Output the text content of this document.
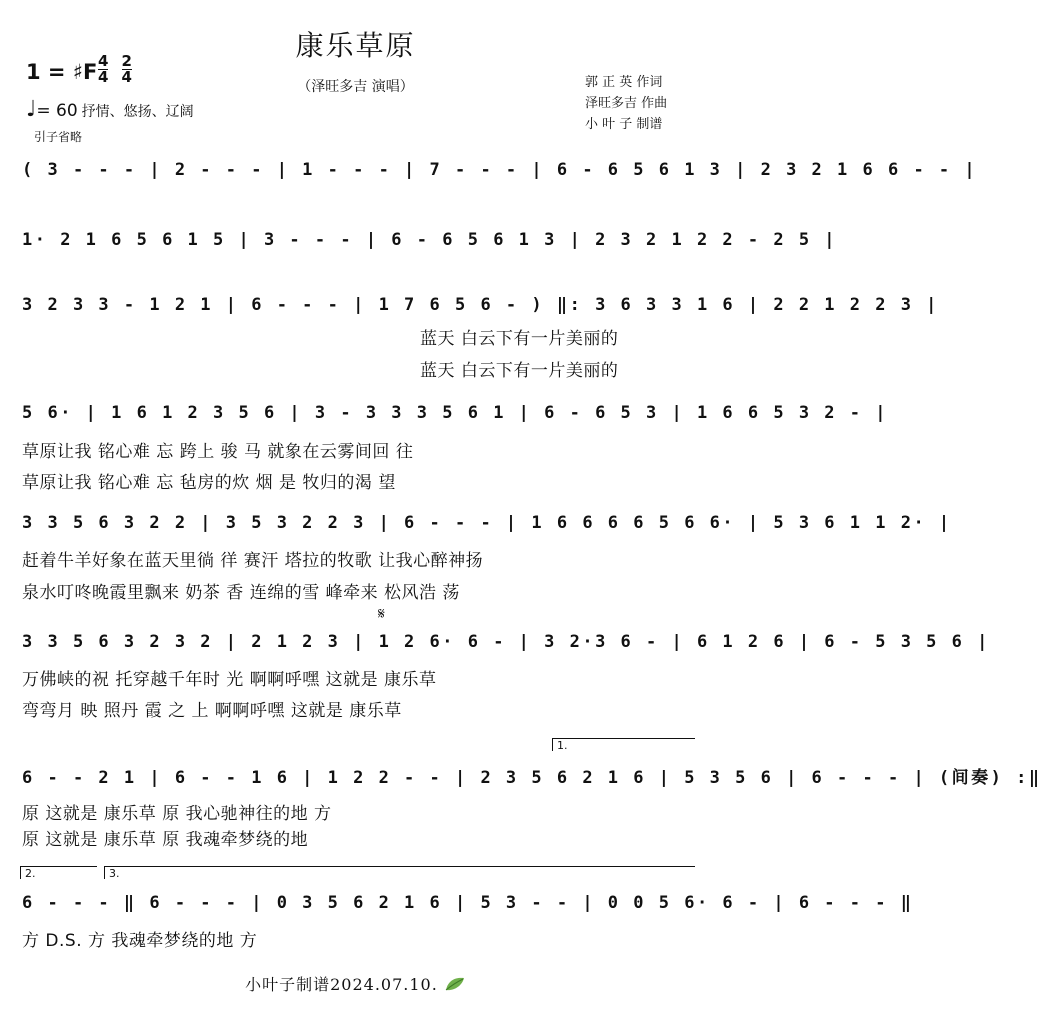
康乐草原
（泽旺多吉 演唱）
1 = ♯F $\frac{4}{4}$
$\frac{2}{4}$
♩= 60 抒情、悠扬、辽阔
郭 正 英 作词
泽旺多吉 作曲
小 叶 子 制谱
引子省略
( 3 - - - | 2 - - - | 1 - - - | 7 - - - | 6 - 6 5 6 1 3 | 2 3 2 1 6 6 - - |
1· 2 1 6 5 6 1 5 | 3 - - - | 6 - 6 5 6 1 3 | 2 3 2 1 2 2 - 2 5 |
3 2 3 3 - 1 2 1 | 6 - - - | 1 7 6 5 6 - ) ‖: 3 6 3 3 1 6 | 2 2 1 2 2 3 |
蓝天 白云下有一片美丽的
蓝天 白云下有一片美丽的
5 6· | 1 6 1 2 3 5 6 | 3 - 3 3 3 5 6 1 | 6 - 6 5 3 | 1 6 6 5 3 2 - |
草原让我 铭心难 忘 跨上 骏 马 就象在云雾间回 往
草原让我 铭心难 忘 毡房的炊 烟 是 牧归的渴 望
3 3 5 6 3 2 2 | 3 5 3 2 2 3 | 6 - - - | 1 6 6 6 6 5 6 6· | 5 3 6 1 1 2· |
赶着牛羊好象在蓝天里徜 徉 赛汗 塔拉的牧歌 让我心醉神扬
泉水叮咚晚霞里飘来 奶茶 香 连绵的雪 峰牵来 松风浩 荡
𝄋
3 3 5 6 3 2 3 2 | 2 1 2 3 | 1 2 6· 6 - | 3 2·3 6 - | 6 1 2 6 | 6 - 5 3 5 6 |
万佛峡的祝 托穿越千年时 光 啊啊呼嘿 这就是 康乐草
弯弯月 映 照丹 霞 之 上 啊啊呼嘿 这就是 康乐草
1.
6 - - 2 1 | 6 - - 1 6 | 1 2 2 - - | 2 3 5 6 2 1 6 | 5 3 5 6 | 6 - - - | (间奏) :‖
原 这就是 康乐草 原 我心驰神往的地 方
原 这就是 康乐草 原 我魂牵梦绕的地
2.	3.
6 - - - ‖ 6 - - - | 0 3 5 6 2 1 6 | 5 3 - - | 0 0 5 6· 6 - | 6 - - - ‖
方 D.S. 方 我魂牵梦绕的地 方
小叶子制谱2024.07.10.
